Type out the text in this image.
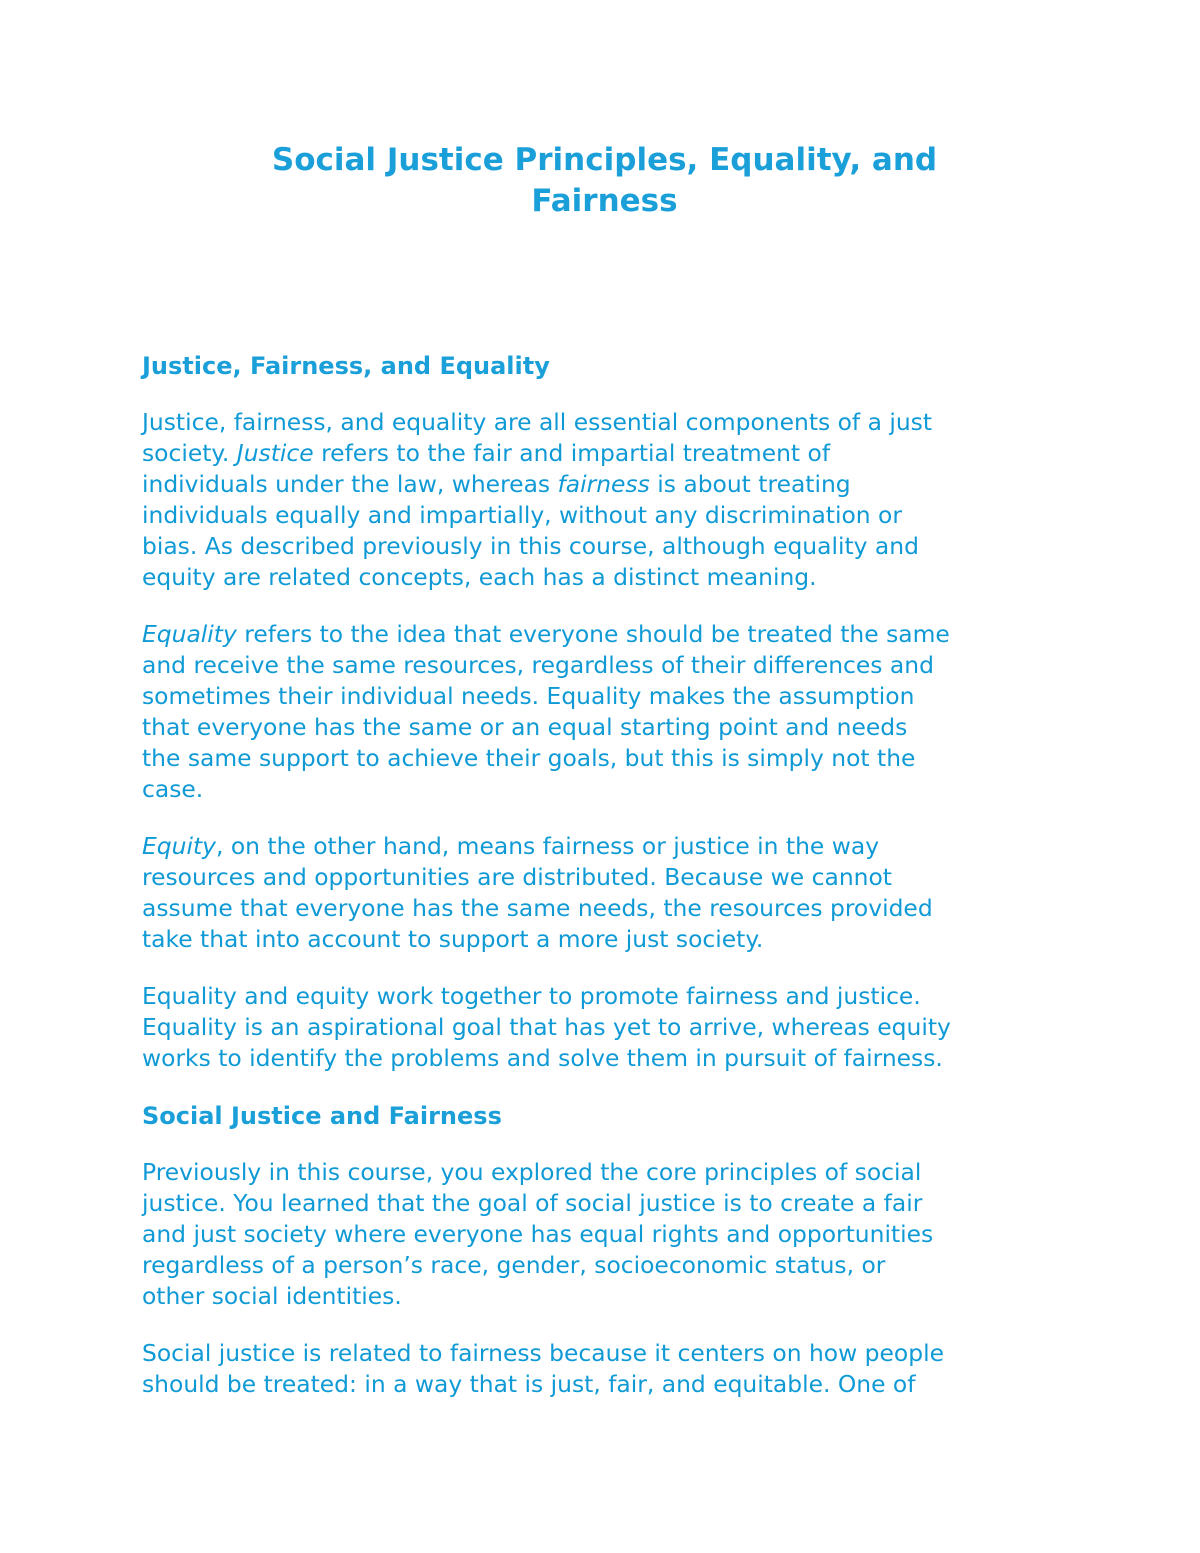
Social Justice Principles, Equality, and
Fairness
Justice, Fairness, and Equality

Justice, fairness, and equality are all essential components of a just
society. Justice refers to the fair and impartial treatment of
individuals under the law, whereas fairness is about treating
individuals equally and impartially, without any discrimination or
bias. As described previously in this course, although equality and
equity are related concepts, each has a distinct meaning.

Equality refers to the idea that everyone should be treated the same
and receive the same resources, regardless of their differences and
sometimes their individual needs. Equality makes the assumption
that everyone has the same or an equal starting point and needs
the same support to achieve their goals, but this is simply not the
case.

Equity, on the other hand, means fairness or justice in the way
resources and opportunities are distributed. Because we cannot
assume that everyone has the same needs, the resources provided
take that into account to support a more just society.

Equality and equity work together to promote fairness and justice.
Equality is an aspirational goal that has yet to arrive, whereas equity
works to identify the problems and solve them in pursuit of fairness.

Social Justice and Fairness

Previously in this course, you explored the core principles of social
justice. You learned that the goal of social justice is to create a fair
and just society where everyone has equal rights and opportunities
regardless of a person’s race, gender, socioeconomic status, or
other social identities.

Social justice is related to fairness because it centers on how people
should be treated: in a way that is just, fair, and equitable. One of
